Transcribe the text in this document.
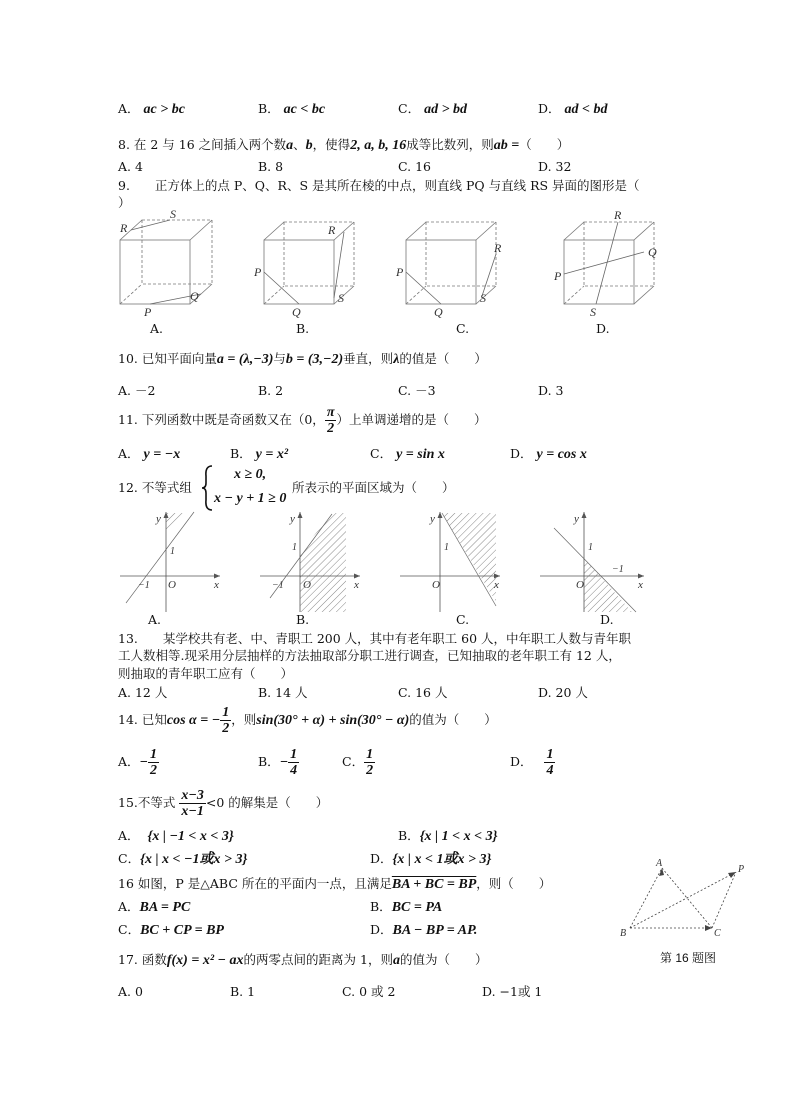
A． ac > bc	B． ac < bc	C． ad > bd	D． ad < bd
8. 在 2 与 16 之间插入两个数a、b，使得2, a, b, 16成等比数列，则ab =（　　）
A. 4	B. 8	C. 16	D. 32
9.　　正方体上的点 P、Q、R、S 是其所在棱的中点，则直线 PQ 与直线 RS 异面的图形是（
）
R
S
P
Q
P
R
Q
S
P
R
Q
S
P
R
Q
S
A.	B.	C.	D.
10. 已知平面向量a = (λ,−3)与b = (3,−2)垂直，则λ的值是（　　）
A. －2	B. 2	C. －3	D. 3
11. 下列函数中既是奇函数又在（0， $\frac{\pi}{2}$ ）上单调递增的是（　　）
A． y = −x	B． y = x²	C． y = sin x	D． y = cos x
12. 不等式组
x ≥ 0,
x − y + 1 ≥ 0
所表示的平面区域为（　　）
y
x
O
1
−1
y
x
O
1
−1
y
x
O
1
y
x
O
1
−1
A.	B.	C.	D.
13.　　某学校共有老、中、青职工 200 人，其中有老年职工 60 人，中年职工人数与青年职
工人数相等.现采用分层抽样的方法抽取部分职工进行调查，已知抽取的老年职工有 12 人，
则抽取的青年职工应有（　　）
A. 12 人	B. 14 人	C. 16 人	D. 20 人
14. 已知cos α = − $\frac{1}{2}$ ，则sin(30° + α) + sin(30° − α)的值为（　　）
A．− $\frac{1}{2}$	B．− $\frac{1}{4}$	C． $\frac{1}{2}$	D． $\frac{1}{4}$
15.不等式 $\frac{x-3}{x-1} <0$ 的解集是（　　）
A． {x | −1 < x < 3}	B．{x | 1 < x < 3}
C．{x | x < −1或x > 3}	D．{x | x < 1或x > 3}
16 如图，P 是△ABC 所在的平面内一点，且满足BA + BC = BP，则（　　）
A．BA = PC	B．BC = PA
C．BC + CP = BP	D．BA − BP = AP.
A
B	C
P
第 16 题图
17. 函数f(x) = x² − ax的两零点间的距离为 1，则a的值为（　　）
A. 0	B. 1	C. 0 或 2	D. −1或 1
